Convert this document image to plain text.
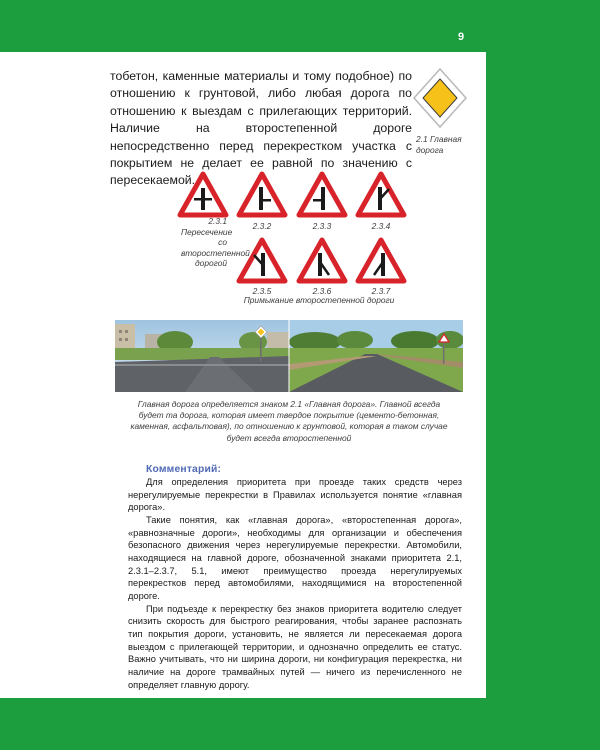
9

тобетон, каменные материалы и тому подобное) по отношению к грунтовой, либо любая дорога по отношению к выездам с прилегающих территорий. Наличие на второстепенной дороге непосредственно перед перекрестком участка с покрытием не делает ее равной по значению с пересекаемой.

2.1 Главная дорога
2.3.1 Пересечение со второстепенной дорогой
2.3.2	2.3.3	2.3.4
2.3.5	2.3.6	2.3.7
Примыкание второстепенной дороги
Главная дорога определяется знаком 2.1 «Главная дорога». Главной всегда будет та дорога, которая имеет твердое покрытие (цементо-бетонная, каменная, асфальтовая), по отношению к грунтовой, которая в таком случае будет всегда второстепенной
Комментарий:

Для определения приоритета при проезде таких средств через нерегулируемые перекрестки в Правилах используется понятие «главная дорога».

Такие понятия, как «главная дорога», «второстепенная дорога», «равнозначные дороги», необходимы для организации и обеспечения безопасного движения через нерегулируемые перекрестки. Автомобили, находящиеся на главной дороге, обозначенной знаками приоритета 2.1, 2.3.1–2.3.7, 5.1, имеют преимущество проезда нерегулируемых перекрестков перед автомобилями, находящимися на второстепенной дороге.

При подъезде к перекрестку без знаков приоритета водителю следует снизить скорость для быстрого реагирования, чтобы заранее распознать тип покрытия дороги, установить, не является ли пересекаемая дорога выездом с прилегающей территории, и однозначно определить ее статус. Важно учитывать, что ни ширина дороги, ни конфигурация перекрестка, ни наличие на дороге трамвайных путей — ничего из перечисленного не определяет главную дорогу.
